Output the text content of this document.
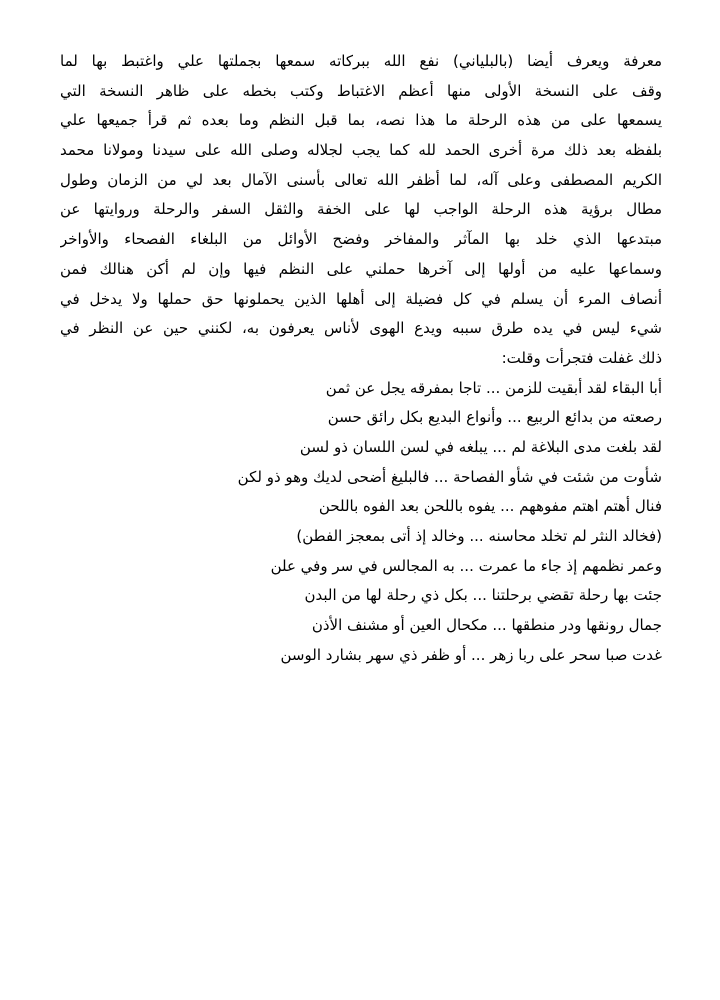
معرفة ويعرف أيضا (بالبلياني) نفع الله ببركاته سمعها بجملتها علي واغتبط بها لما
وقف على النسخة الأولى منها أعظم الاغتباط وكتب بخطه على ظاهر النسخة التي
يسمعها على من هذه الرحلة ما هذا نصه، بما قبل النظم وما بعده ثم قرأ جميعها علي
بلفظه بعد ذلك مرة أخرى الحمد لله كما يجب لجلاله وصلى الله على سيدنا ومولانا محمد
الكريم المصطفى وعلى آله، لما أظفر الله تعالى بأسنى الآمال بعد لي من الزمان وطول
مطال برؤية هذه الرحلة الواجب لها على الخفة والثقل السفر والرحلة وروايتها عن
مبتدعها الذي خلد بها المآثر والمفاخر وفضح الأوائل من البلغاء الفصحاء والأواخر
وسماعها عليه من أولها إلى آخرها حملني على النظم فيها وإن لم أكن هنالك فمن
أنصاف المرء أن يسلم في كل فضيلة إلى أهلها الذين يحملونها حق حملها ولا يدخل في
شيء ليس في يده طرق سببه ويدع الهوى لأناس يعرفون به، لكنني حين عن النظر في
ذلك غفلت فتجرأت وقلت:
أبا البقاء لقد أبقيت للزمن ... تاجا بمفرقه يجل عن ثمن
رصعته من بدائع الربيع ... وأنواع البديع بكل رائق حسن
لقد بلغت مدى البلاغة لم ... يبلغه في لسن اللسان ذو لسن
شأوت من شئت في شأو الفصاحة ... فالبليغ أضحى لديك وهو ذو لكن
فنال أهتم اهتم مفوههم ... يفوه باللحن بعد الفوه باللحن
(فخالد النثر لم تخلد محاسنه ... وخالد إذ أتى بمعجز الفطن)
وعمر نظمهم إذ جاء ما عمرت ... به المجالس في سر وفي علن
جئت بها رحلة تقضي برحلتنا ... بكل ذي رحلة لها من البدن
جمال رونقها ودر منطقها ... مكحال العين أو مشنف الأذن
غدت صبا سحر على ربا زهر ... أو ظفر ذي سهر بشارد الوسن
